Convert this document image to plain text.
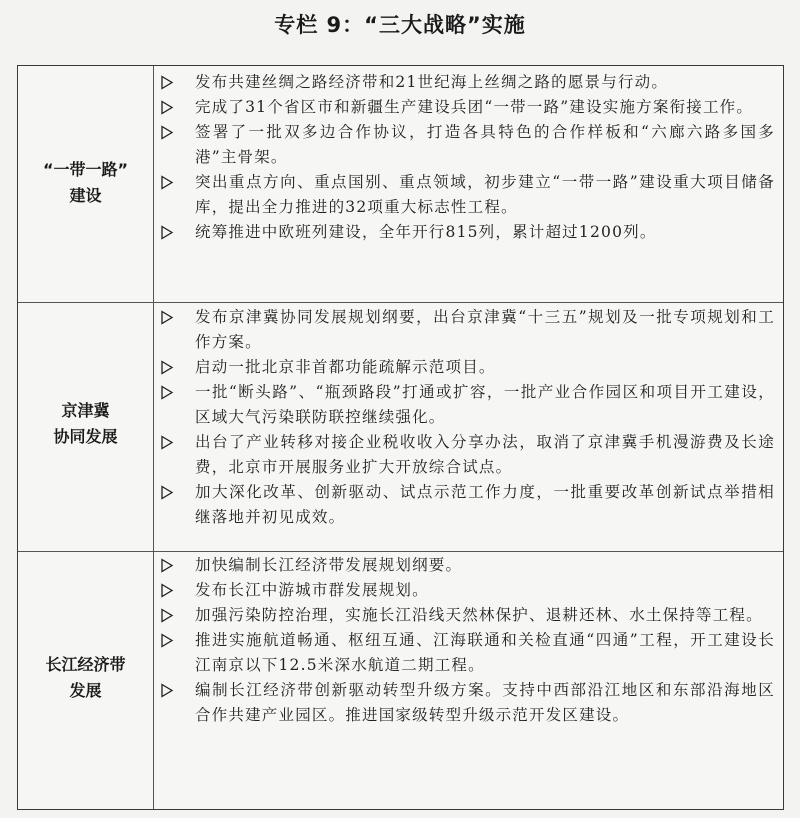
专栏 9：“三大战略”实施
“一带一路”
建设
发布共建丝绸之路经济带和21世纪海上丝绸之路的愿景与行动。
完成了31个省区市和新疆生产建设兵团“一带一路”建设实施方案衔接工作。
签署了一批双多边合作协议，打造各具特色的合作样板和“六廊六路多国多港”主骨架。
突出重点方向、重点国别、重点领域，初步建立“一带一路”建设重大项目储备库，提出全力推进的32项重大标志性工程。
统筹推进中欧班列建设，全年开行815列，累计超过1200列。
京津冀
协同发展
发布京津冀协同发展规划纲要，出台京津冀“十三五”规划及一批专项规划和工作方案。
启动一批北京非首都功能疏解示范项目。
一批“断头路”、“瓶颈路段”打通或扩容，一批产业合作园区和项目开工建设，区域大气污染联防联控继续强化。
出台了产业转移对接企业税收收入分享办法，取消了京津冀手机漫游费及长途费，北京市开展服务业扩大开放综合试点。
加大深化改革、创新驱动、试点示范工作力度，一批重要改革创新试点举措相继落地并初见成效。
长江经济带
发展
加快编制长江经济带发展规划纲要。
发布长江中游城市群发展规划。
加强污染防控治理，实施长江沿线天然林保护、退耕还林、水土保持等工程。
推进实施航道畅通、枢纽互通、江海联通和关检直通“四通”工程，开工建设长江南京以下12.5米深水航道二期工程。
编制长江经济带创新驱动转型升级方案。支持中西部沿江地区和东部沿海地区合作共建产业园区。推进国家级转型升级示范开发区建设。
